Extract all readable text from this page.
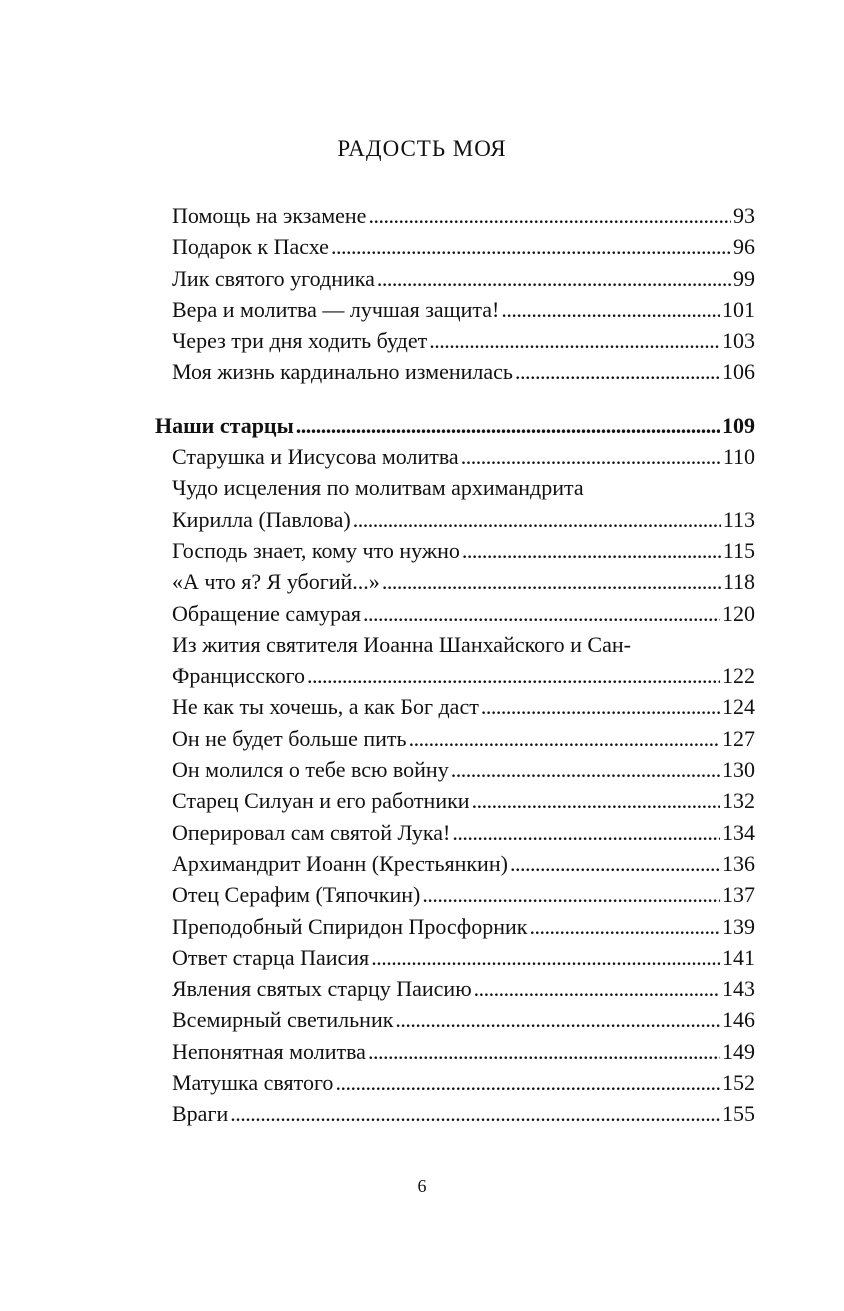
РАДОСТЬ МОЯ
Помощь на экзамене . . .	93
Подарок к Пасхе . . .	96
Лик святого угодника . . .	99
Вера и молитва — лучшая защита! . . .	101
Через три дня ходить будет . . .	103
Моя жизнь кардинально изменилась . . .	106
Наши старцы . . .	109
Старушка и Иисусова молитва . . .	110
Чудо исцеления по молитвам архимандрита
Кирилла (Павлова) . . .	113
Господь знает, кому что нужно . . .	115
«А что я? Я убогий...» . . .	118
Обращение самурая . . .	120
Из жития святителя Иоанна Шанхайского и Сан-
Францисского . . .	122
Не как ты хочешь, а как Бог даст . . .	124
Он не будет больше пить . . .	127
Он молился о тебе всю войну . . .	130
Старец Силуан и его работники . . .	132
Оперировал сам святой Лука! . . .	134
Архимандрит Иоанн (Крестьянкин) . . .	136
Отец Серафим (Тяпочкин) . . .	137
Преподобный Спиридон Просфорник . . .	139
Ответ старца Паисия . . .	141
Явления святых старцу Паисию . . .	143
Всемирный светильник . . .	146
Непонятная молитва . . .	149
Матушка святого . . .	152
Враги . . .	155
6
